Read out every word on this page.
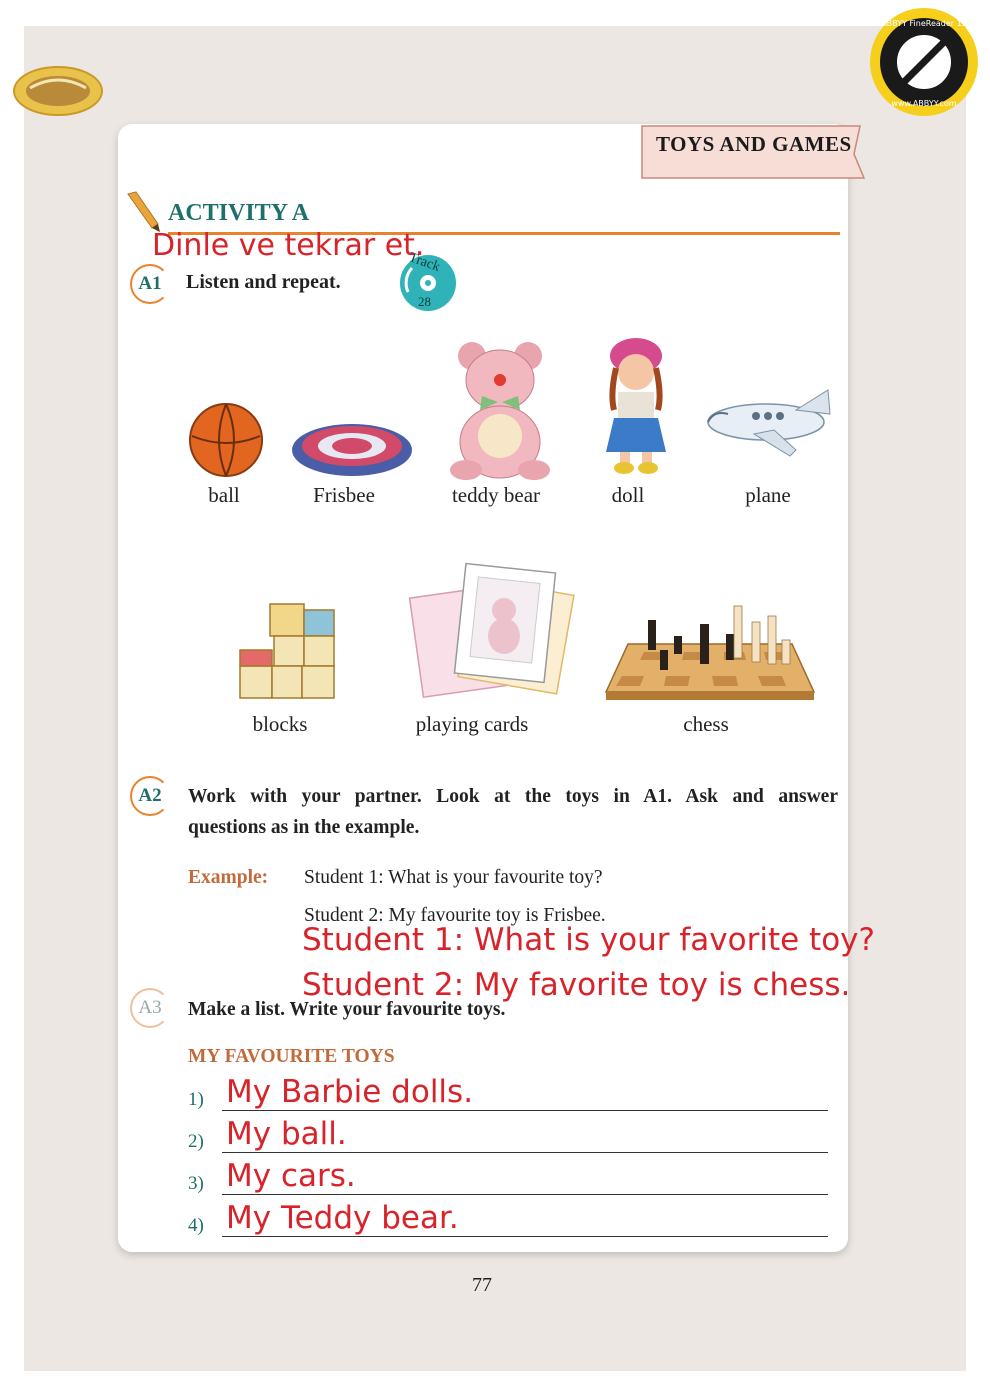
ABBYY FineReader 15
www.ABBYY.com
TOYS AND GAMES
ACTIVITY A
Dinle ve tekrar et.
A1	Listen and repeat.
Track
28
ball	Frisbee	teddy bear	doll	plane
blocks	playing cards	chess
A2	Work with your partner. Look at the toys in A1. Ask and answer
questions as in the example.
Example: Student 1: What is your favourite toy?
Student 2: My favourite toy is Frisbee.
Student 1: What is your favorite toy?
Student 2: My favorite toy is chess.
A3	Make a list. Write your favourite toys.
MY FAVOURITE TOYS
1) My Barbie dolls.
2) My ball.
3) My cars.
4) My Teddy bear.
77
